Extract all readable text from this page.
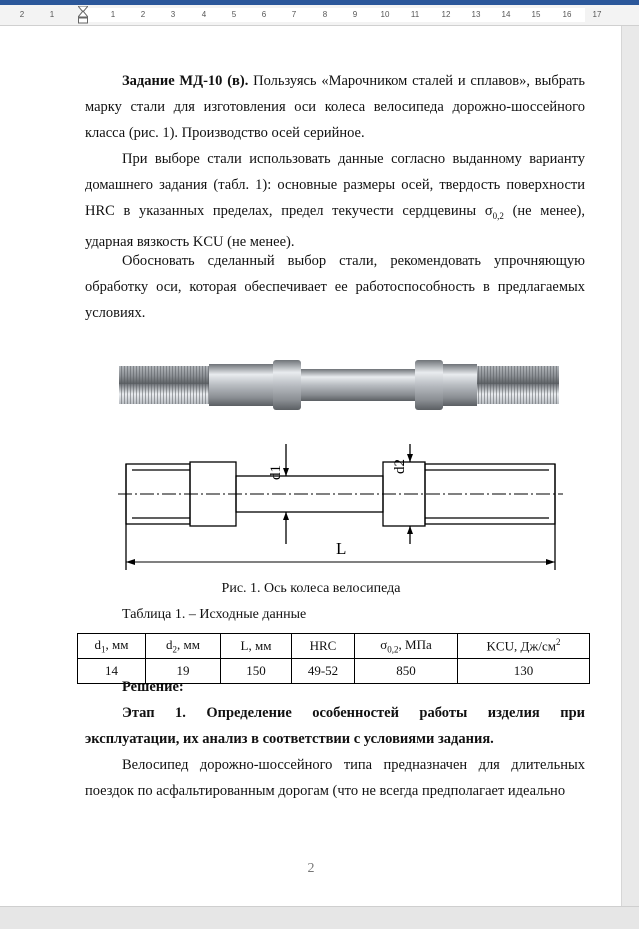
2	1	1	2	3	4	5	6	7	8	9	10	11	12	13	14	15	16	17
Задание МД-10 (в). Пользуясь «Марочником сталей и сплавов», выбрать марку стали для изготовления оси колеса велосипеда дорожно-шоссейного класса (рис. 1). Производство осей серийное.
При выборе стали использовать данные согласно выданному варианту домашнего задания (табл. 1): основные размеры осей, твердость поверхности HRC в указанных пределах, предел текучести сердцевины $\sigma_{0,2}$ (не менее), ударная вязкость KCU (не менее).
Обосновать сделанный выбор стали, рекомендовать упрочняющую обработку оси, которая обеспечивает ее работоспособность в предлагаемых условиях.
d1	d2
L
Рис. 1. Ось колеса велосипеда
Таблица 1. – Исходные данные
$d_1$, мм	$d_2$, мм	L, мм	HRC	$\sigma_{0,2}$, МПа	KCU, $Дж/см^2$
14	19	150	49-52	850	130
Решение:
Этап 1. Определение особенностей работы изделия при
эксплуатации, их анализ в соответствии с условиями задания.
Велосипед дорожно-шоссейного типа предназначен для длительных поездок по асфальтированным дорогам (что не всегда предполагает идеально
2
